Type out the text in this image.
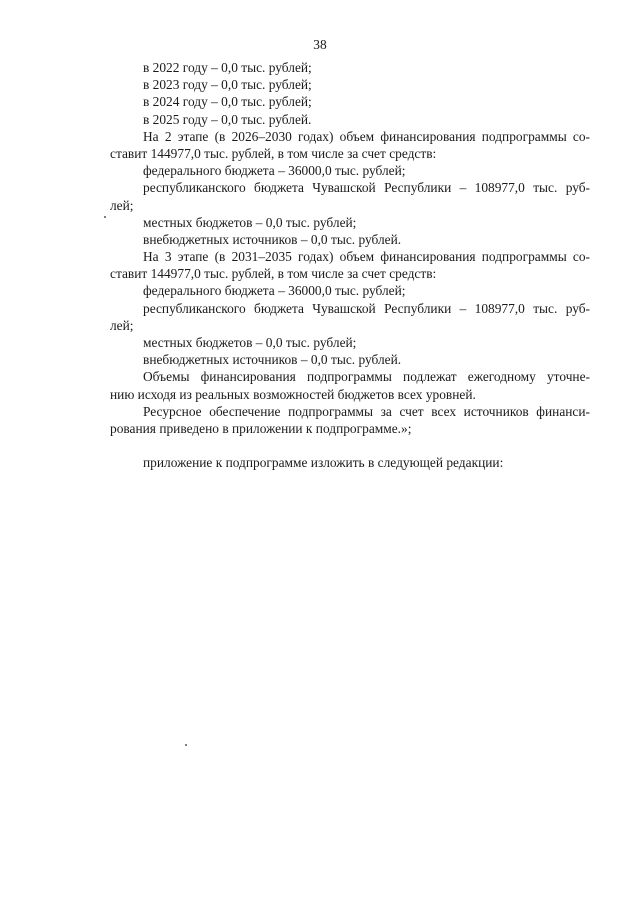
38
в 2022 году – 0,0 тыс. рублей;
в 2023 году – 0,0 тыс. рублей;
в 2024 году – 0,0 тыс. рублей;
в 2025 году – 0,0 тыс. рублей.
На 2 этапе (в 2026–2030 годах) объем финансирования подпрограммы со-
ставит 144977,0 тыс. рублей, в том числе за счет средств:
федерального бюджета – 36000,0 тыс. рублей;
республиканского бюджета Чувашской Республики – 108977,0 тыс. руб-
лей;
местных бюджетов – 0,0 тыс. рублей;
внебюджетных источников – 0,0 тыс. рублей.
На 3 этапе (в 2031–2035 годах) объем финансирования подпрограммы со-
ставит 144977,0 тыс. рублей, в том числе за счет средств:
федерального бюджета – 36000,0 тыс. рублей;
республиканского бюджета Чувашской Республики – 108977,0 тыс. руб-
лей;
местных бюджетов – 0,0 тыс. рублей;
внебюджетных источников – 0,0 тыс. рублей.
Объемы финансирования подпрограммы подлежат ежегодному уточне-
нию исходя из реальных возможностей бюджетов всех уровней.
Ресурсное обеспечение подпрограммы за счет всех источников финанси-
рования приведено в приложении к подпрограмме.»;
приложение к подпрограмме изложить в следующей редакции:
